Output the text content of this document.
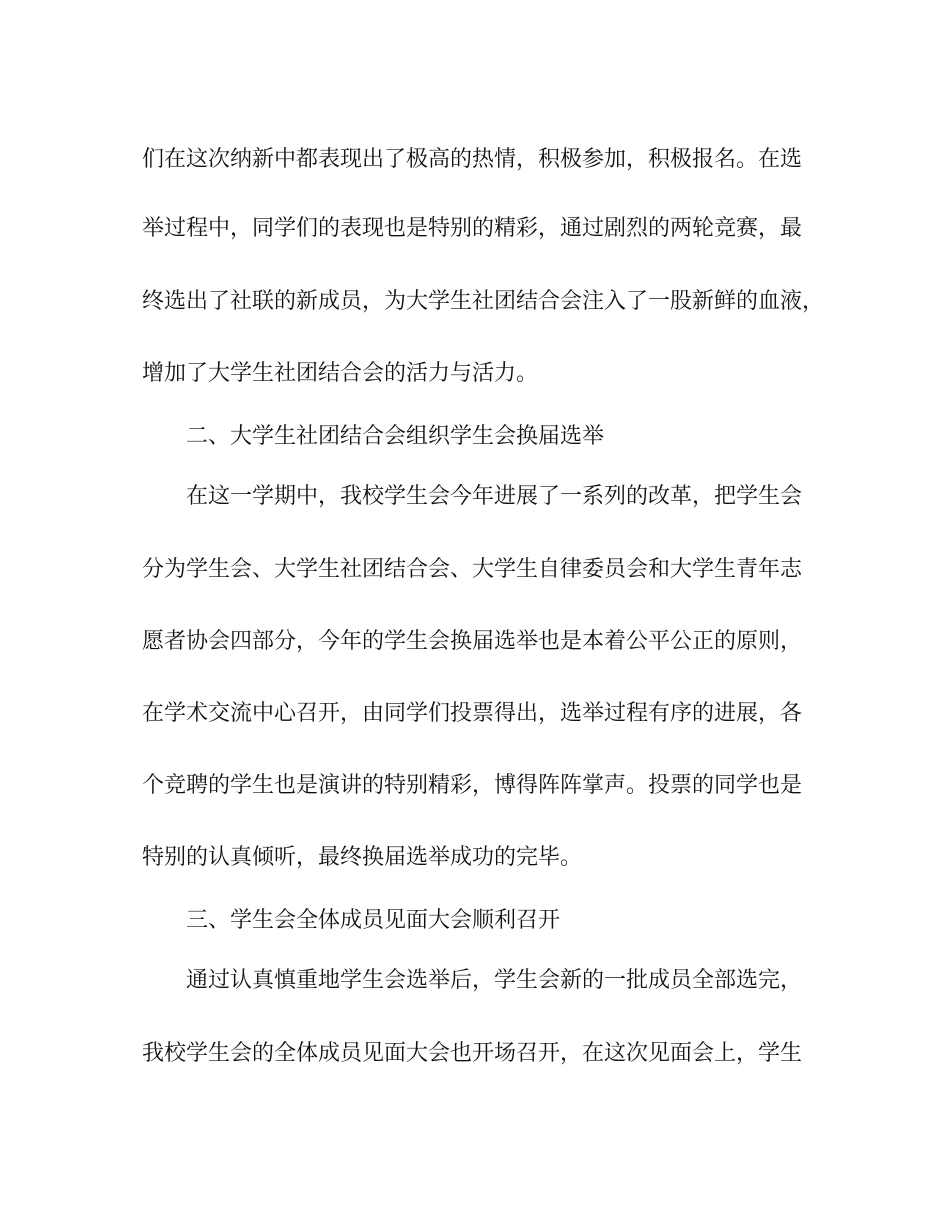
们在这次纳新中都表现出了极高的热情，积极参加，积极报名。在选
举过程中，同学们的表现也是特别的精彩，通过剧烈的两轮竞赛，最
终选出了社联的新成员，为大学生社团结合会注入了一股新鲜的血液，
增加了大学生社团结合会的活力与活力。
二、大学生社团结合会组织学生会换届选举
在这一学期中，我校学生会今年进展了一系列的改革，把学生会
分为学生会、大学生社团结合会、大学生自律委员会和大学生青年志
愿者协会四部分，今年的学生会换届选举也是本着公平公正的原则，
在学术交流中心召开，由同学们投票得出，选举过程有序的进展，各
个竞聘的学生也是演讲的特别精彩，博得阵阵掌声。投票的同学也是
特别的认真倾听，最终换届选举成功的完毕。
三、学生会全体成员见面大会顺利召开
通过认真慎重地学生会选举后，学生会新的一批成员全部选完，
我校学生会的全体成员见面大会也开场召开，在这次见面会上，学生
